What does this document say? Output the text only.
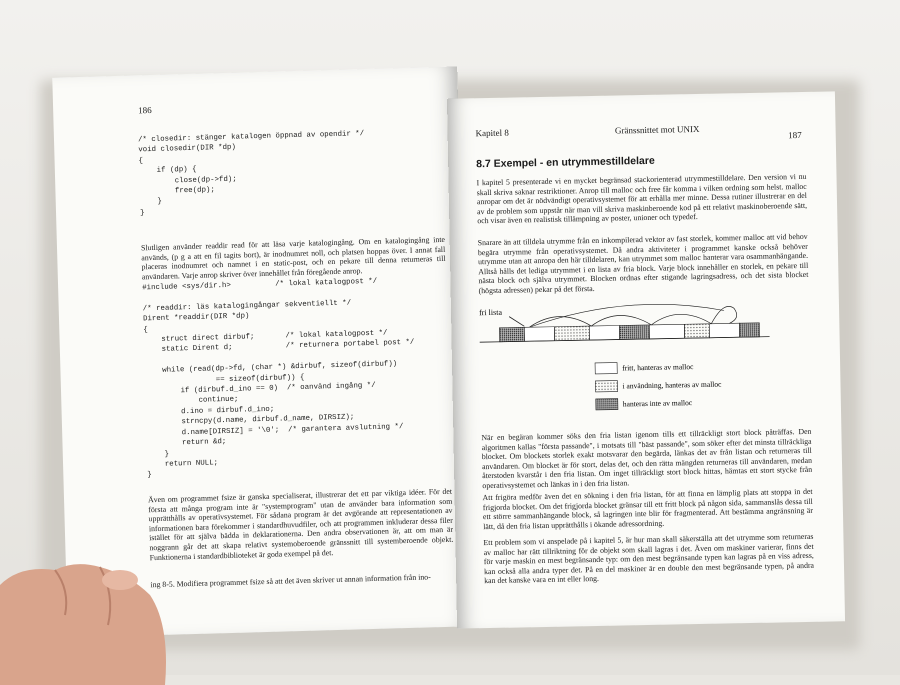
186
/* closedir: stänger katalogen öppnad av opendir */
void closedir(DIR *dp)
{
if (dp) {
close(dp->fd);
free(dp);
}
}
Slutligen använder readdir read för att läsa varje katalogingång. Om en katalogingång inte används, (p g a att en fil tagits bort), är inodnumret noll, och platsen hoppas över. I annat fall placeras inodnumret och namnet i en static-post, och en pekare till denna returneras till användaren. Varje anrop skriver över innehållet från föregående anrop.
#include <sys/dir.h>          /* lokal katalogpost */

/* readdir: läs katalogingångar sekventiellt */
Dirent *readdir(DIR *dp)
{
struct direct dirbuf;       /* lokal katalogpost */
static Dirent d;            /* returnera portabel post */

while (read(dp->fd, (char *) &dirbuf, sizeof(dirbuf))
== sizeof(dirbuf)) {
if (dirbuf.d_ino == 0)  /* oanvänd ingång */
continue;
d.ino = dirbuf.d_ino;
strncpy(d.name, dirbuf.d_name, DIRSIZ);
d.name[DIRSIZ] = '\0';  /* garantera avslutning */
return &d;
}
return NULL;
}
Även om programmet fsize är ganska specialiserat, illustrerar det ett par viktiga idéer. För det första att många program inte är "systemprogram" utan de använder bara information som upprätthålls av operativsystemet. För sådana program är det avgörande att representationen av informationen bara förekommer i standardhuvudfiler, och att programmen inkluderar dessa filer istället för att själva bädda in deklarationerna. Den andra observationen är, att om man är noggrann går det att skapa relativt systemoberoende gränssnitt till systemberoende objekt. Funktionerna i standardbiblioteket är goda exempel på det.
ing 8-5. Modifiera programmet fsize så att det även skriver ut annan information från ino-
Kapitel 8	Gränssnittet mot UNIX	187
8.7 Exempel - en utrymmestilldelare
I kapitel 5 presenterade vi en mycket begränsad stackorienterad utrymmestilldelare. Den version vi nu skall skriva saknar restriktioner. Anrop till malloc och free får komma i vilken ordning som helst. malloc anropar om det är nödvändigt operativsystemet för att erhålla mer minne. Dessa rutiner illustrerar en del av de problem som uppstår när man vill skriva maskinberoende kod på ett relativt maskinoberoende sätt, och visar även en realistisk tillämpning av poster, unioner och typedef.
Snarare än att tilldela utrymme från en inkompilerad vektor av fast storlek, kommer malloc att vid behov begära utrymme från operativsystemet. Då andra aktiviteter i programmet kanske också behöver utrymme utan att anropa den här tilldelaren, kan utrymmet som malloc hanterar vara osammanhängande. Alltså hålls det lediga utrymmet i en lista av fria block. Varje block innehåller en storlek, en pekare till nästa block och själva utrymmet. Blocken ordnas efter stigande lagringsadress, och det sista blocket (högsta adressen) pekar på det första.
fri lista
fritt, hanteras av malloc
i användning, hanteras av malloc
hanteras inte av malloc
När en begäran kommer söks den fria listan igenom tills ett tillräckligt stort block påträffas. Den algoritmen kallas "första passande", i motsats till "bäst passande", som söker efter det minsta tillräckliga blocket. Om blockets storlek exakt motsvarar den begärda, länkas det av från listan och returneras till användaren. Om blocket är för stort, delas det, och den rätta mängden returneras till användaren, medan återstoden kvarstår i den fria listan. Om inget tillräckligt stort block hittas, hämtas ett stort stycke från operativsystemet och länkas in i den fria listan.
Att frigöra medför även det en sökning i den fria listan, för att finna en lämplig plats att stoppa in det frigjorda blocket. Om det frigjorda blocket gränsar till ett fritt block på någon sida, sammanslås dessa till ett större sammanhängande block, så lagringen inte blir för fragmenterad. Att bestämma angränsning är lätt, då den fria listan upprätthålls i ökande adressordning.
Ett problem som vi anspelade på i kapitel 5, är hur man skall säkerställa att det utrymme som returneras av malloc har rätt tillriktning för de objekt som skall lagras i det. Även om maskiner varierar, finns det för varje maskin en mest begränsande typ: om den mest begränsande typen kan lagras på en viss adress, kan också alla andra typer det. På en del maskiner är en double den mest begränsande typen, på andra kan det kanske vara en int eller long.
